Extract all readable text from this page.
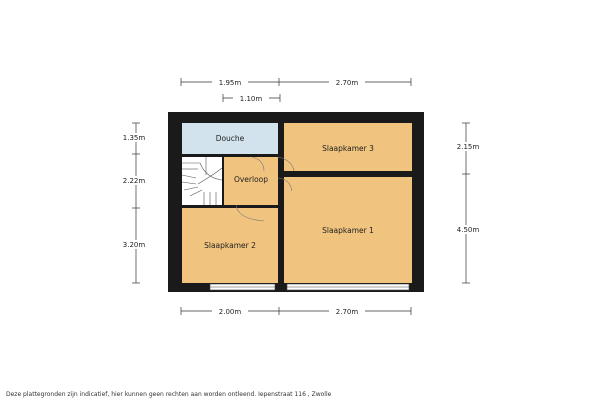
Douche
Slaapkamer 3
Overloop
Slaapkamer 2
Slaapkamer 1
1.95m	2.70m
1.10m
2.00m	2.70m
1.35m
2.22m
3.20m
2.15m
4.50m
Deze plattegronden zijn indicatief, hier kunnen geen rechten aan worden ontleend. Iepenstraat 116 , Zwolle
